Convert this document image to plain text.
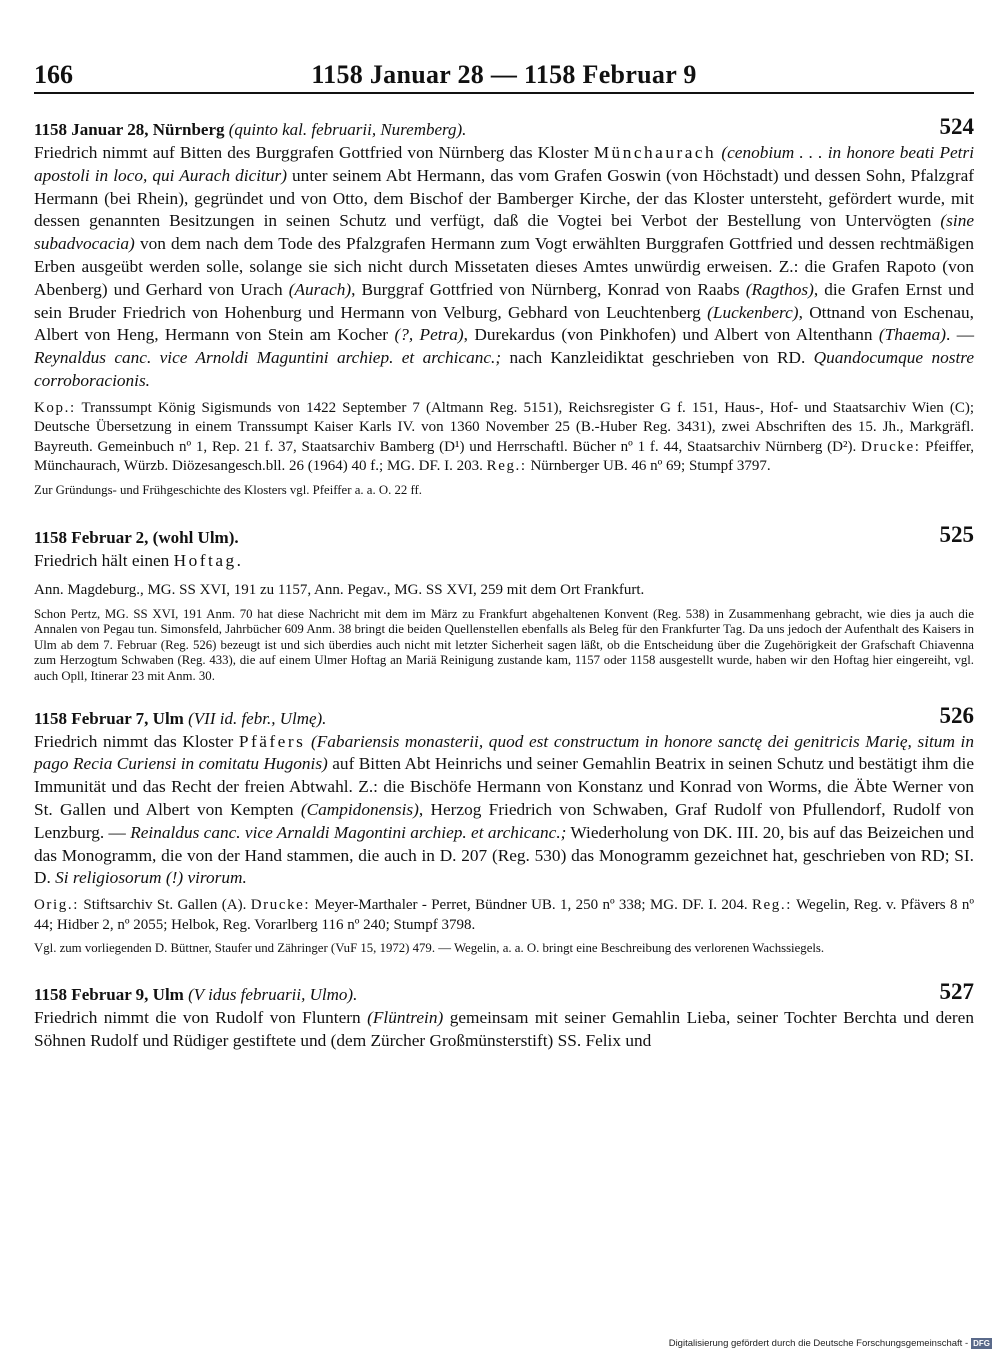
166	1158 Januar 28 — 1158 Februar 9
1158 Januar 28, Nürnberg (quinto kal. februarii, Nuremberg).	524
Friedrich nimmt auf Bitten des Burggrafen Gottfried von Nürnberg das Kloster Münchaurach (cenobium . . . in honore beati Petri apostoli in loco, qui Aurach dicitur) unter seinem Abt Hermann, das vom Grafen Goswin (von Höchstadt) und dessen Sohn, Pfalzgraf Hermann (bei Rhein), gegründet und von Otto, dem Bischof der Bamberger Kirche, der das Kloster untersteht, gefördert wurde, mit dessen genannten Besitzungen in seinen Schutz und verfügt, daß die Vogtei bei Verbot der Bestellung von Untervögten (sine subadvocacia) von dem nach dem Tode des Pfalzgrafen Hermann zum Vogt erwählten Burggrafen Gottfried und dessen rechtmäßigen Erben ausgeübt werden solle, solange sie sich nicht durch Missetaten dieses Amtes unwürdig erweisen. Z.: die Grafen Rapoto (von Abenberg) und Gerhard von Urach (Aurach), Burggraf Gottfried von Nürnberg, Konrad von Raabs (Ragthos), die Grafen Ernst und sein Bruder Friedrich von Hohenburg und Hermann von Velburg, Gebhard von Leuchtenberg (Luckenberc), Ottnand von Eschenau, Albert von Heng, Hermann von Stein am Kocher (?, Petra), Durekardus (von Pinkhofen) und Albert von Altenthann (Thaema). — Reynaldus canc. vice Arnoldi Maguntini archiep. et archicanc.; nach Kanzleidiktat geschrieben von RD. Quandocumque nostre corroboracionis.
Kop.: Transsumpt König Sigismunds von 1422 September 7 (Altmann Reg. 5151), Reichsregister G f. 151, Haus-, Hof- und Staatsarchiv Wien (C); Deutsche Übersetzung in einem Transsumpt Kaiser Karls IV. von 1360 November 25 (B.-Huber Reg. 3431), zwei Abschriften des 15. Jh., Markgräfl. Bayreuth. Gemeinbuch nº 1, Rep. 21 f. 37, Staatsarchiv Bamberg (D¹) und Herrschaftl. Bücher nº 1 f. 44, Staatsarchiv Nürnberg (D²). Drucke: Pfeiffer, Münchaurach, Würzb. Diözesangesch.bll. 26 (1964) 40 f.; MG. DF. I. 203. Reg.: Nürnberger UB. 46 nº 69; Stumpf 3797.
Zur Gründungs- und Frühgeschichte des Klosters vgl. Pfeiffer a. a. O. 22 ff.
1158 Februar 2, (wohl Ulm).	525
Friedrich hält einen Hoftag.
Ann. Magdeburg., MG. SS XVI, 191 zu 1157, Ann. Pegav., MG. SS XVI, 259 mit dem Ort Frankfurt.
Schon Pertz, MG. SS XVI, 191 Anm. 70 hat diese Nachricht mit dem im März zu Frankfurt abgehaltenen Konvent (Reg. 538) in Zusammenhang gebracht, wie dies ja auch die Annalen von Pegau tun. Simonsfeld, Jahrbücher 609 Anm. 38 bringt die beiden Quellenstellen ebenfalls als Beleg für den Frankfurter Tag. Da uns jedoch der Aufenthalt des Kaisers in Ulm ab dem 7. Februar (Reg. 526) bezeugt ist und sich überdies auch nicht mit letzter Sicherheit sagen läßt, ob die Entscheidung über die Zugehörigkeit der Grafschaft Chiavenna zum Herzogtum Schwaben (Reg. 433), die auf einem Ulmer Hoftag an Mariä Reinigung zustande kam, 1157 oder 1158 ausgestellt wurde, haben wir den Hoftag hier eingereiht, vgl. auch Opll, Itinerar 23 mit Anm. 30.
1158 Februar 7, Ulm (VII id. febr., Ulmę).	526
Friedrich nimmt das Kloster Pfäfers (Fabariensis monasterii, quod est constructum in honore sanctę dei genitricis Marię, situm in pago Recia Curiensi in comitatu Hugonis) auf Bitten Abt Heinrichs und seiner Gemahlin Beatrix in seinen Schutz und bestätigt ihm die Immunität und das Recht der freien Abtwahl. Z.: die Bischöfe Hermann von Konstanz und Konrad von Worms, die Äbte Werner von St. Gallen und Albert von Kempten (Campidonensis), Herzog Friedrich von Schwaben, Graf Rudolf von Pfullendorf, Rudolf von Lenzburg. — Reinaldus canc. vice Arnaldi Magontini archiep. et archicanc.; Wiederholung von DK. III. 20, bis auf das Beizeichen und das Monogramm, die von der Hand stammen, die auch in D. 207 (Reg. 530) das Monogramm gezeichnet hat, geschrieben von RD; SI. D. Si religiosorum (!) virorum.
Orig.: Stiftsarchiv St. Gallen (A). Drucke: Meyer-Marthaler - Perret, Bündner UB. 1, 250 nº 338; MG. DF. I. 204. Reg.: Wegelin, Reg. v. Pfävers 8 nº 44; Hidber 2, nº 2055; Helbok, Reg. Vorarlberg 116 nº 240; Stumpf 3798.
Vgl. zum vorliegenden D. Büttner, Staufer und Zähringer (VuF 15, 1972) 479. — Wegelin, a. a. O. bringt eine Beschreibung des verlorenen Wachssiegels.
1158 Februar 9, Ulm (V idus februarii, Ulmo).	527
Friedrich nimmt die von Rudolf von Fluntern (Flüntrein) gemeinsam mit seiner Gemahlin Lieba, seiner Tochter Berchta und deren Söhnen Rudolf und Rüdiger gestiftete und (dem Zürcher Großmünsterstift) SS. Felix und
Digitalisierung gefördert durch die Deutsche Forschungsgemeinschaft - DFG
